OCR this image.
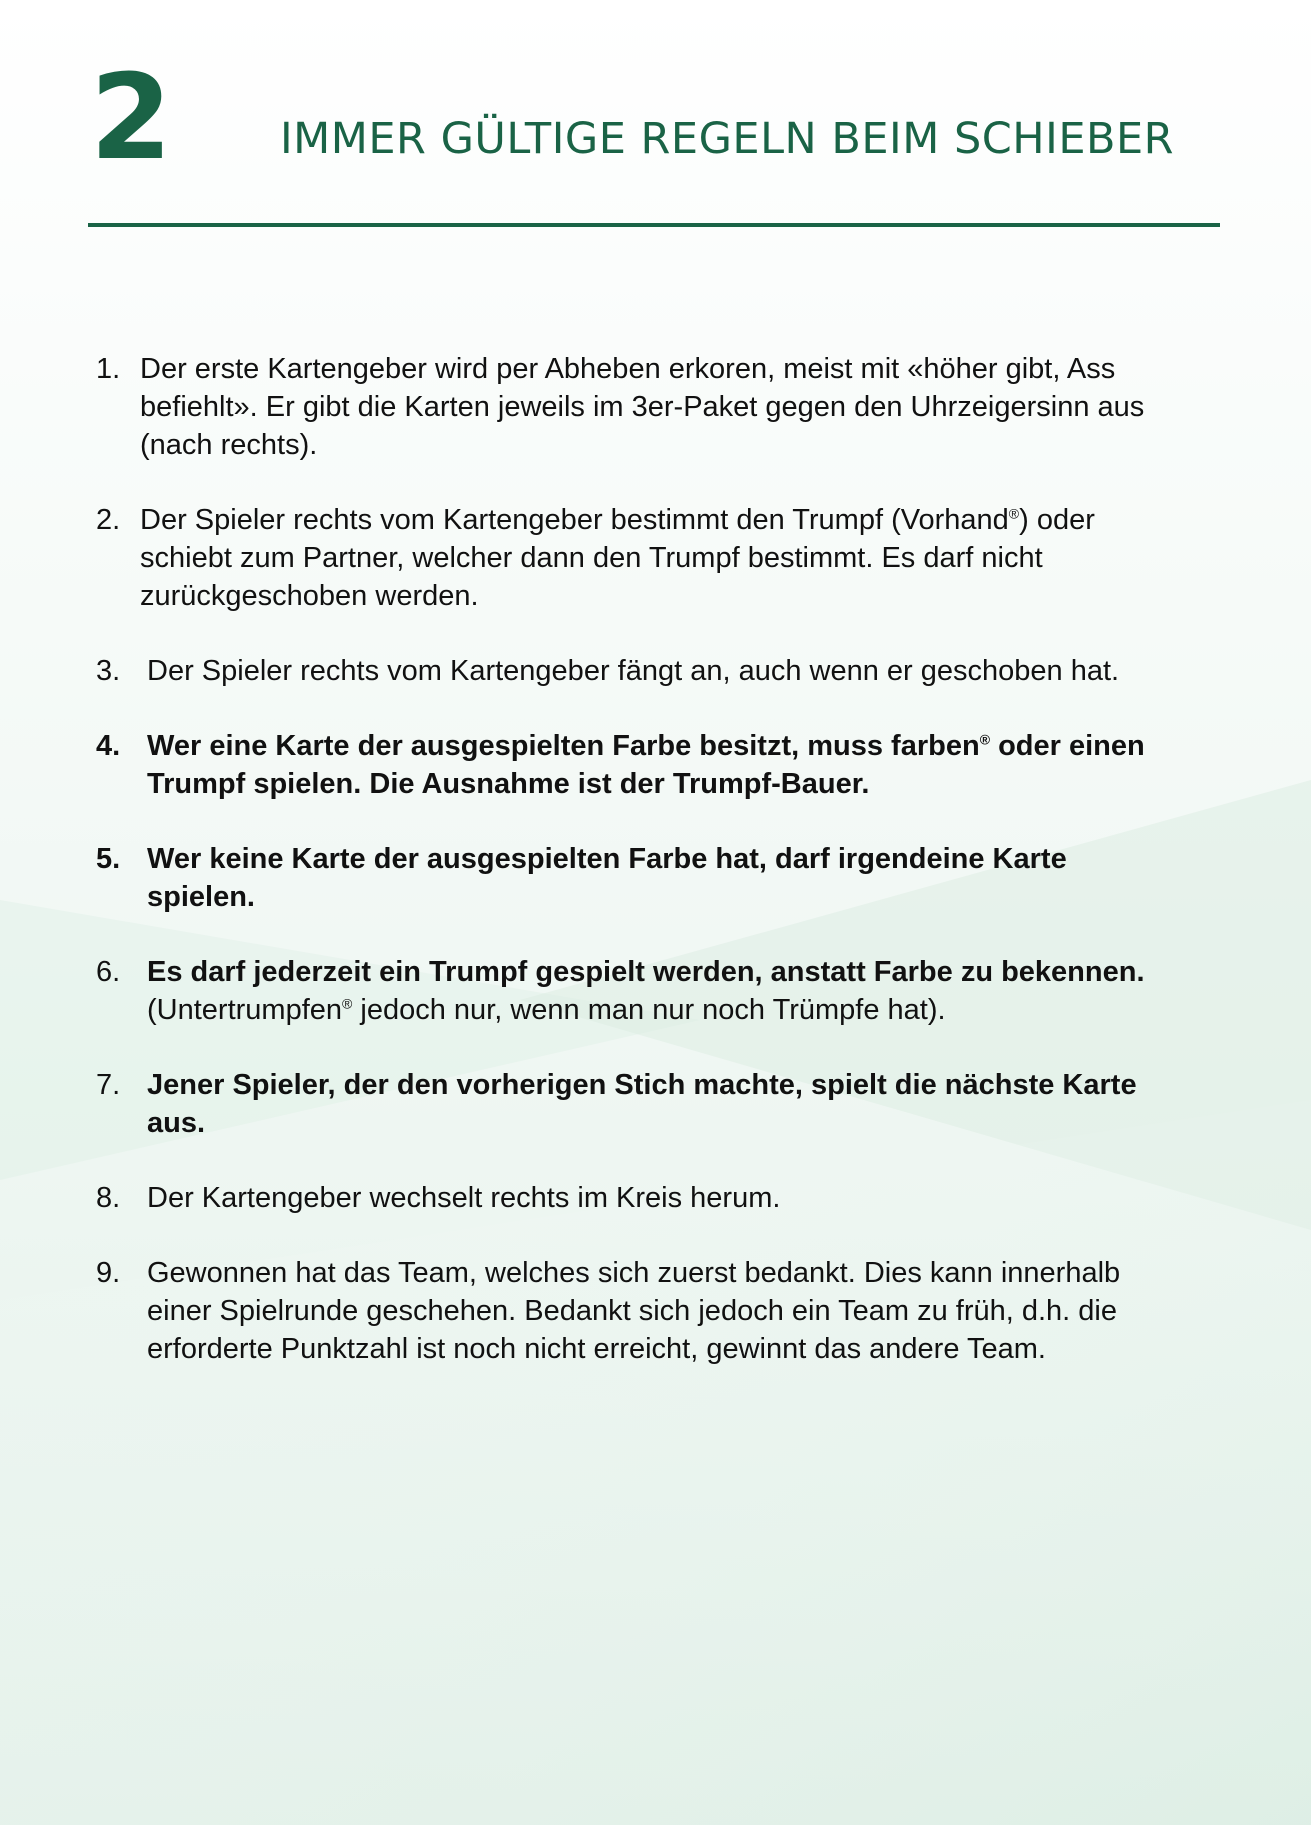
2	IMMER GÜLTIGE REGELN BEIM SCHIEBER
1. Der erste Kartengeber wird per Abheben erkoren, meist mit «höher gibt, Ass befiehlt». Er gibt die Karten jeweils im 3er-Paket gegen den Uhrzeigersinn aus (nach rechts).
2. Der Spieler rechts vom Kartengeber bestimmt den Trumpf (Vorhand®) oder schiebt zum Partner, welcher dann den Trumpf bestimmt. Es darf nicht zurückgeschoben werden.
3. Der Spieler rechts vom Kartengeber fängt an, auch wenn er geschoben hat.
4. Wer eine Karte der ausgespielten Farbe besitzt, muss farben® oder einen Trumpf spielen. Die Ausnahme ist der Trumpf-Bauer.
5. Wer keine Karte der ausgespielten Farbe hat, darf irgendeine Karte spielen.
6. Es darf jederzeit ein Trumpf gespielt werden, anstatt Farbe zu bekennen. (Untertrumpfen® jedoch nur, wenn man nur noch Trümpfe hat).
7. Jener Spieler, der den vorherigen Stich machte, spielt die nächste Karte aus.
8. Der Kartengeber wechselt rechts im Kreis herum.
9. Gewonnen hat das Team, welches sich zuerst bedankt. Dies kann innerhalb einer Spielrunde geschehen. Bedankt sich jedoch ein Team zu früh, d.h. die erforderte Punktzahl ist noch nicht erreicht, gewinnt das andere Team.
